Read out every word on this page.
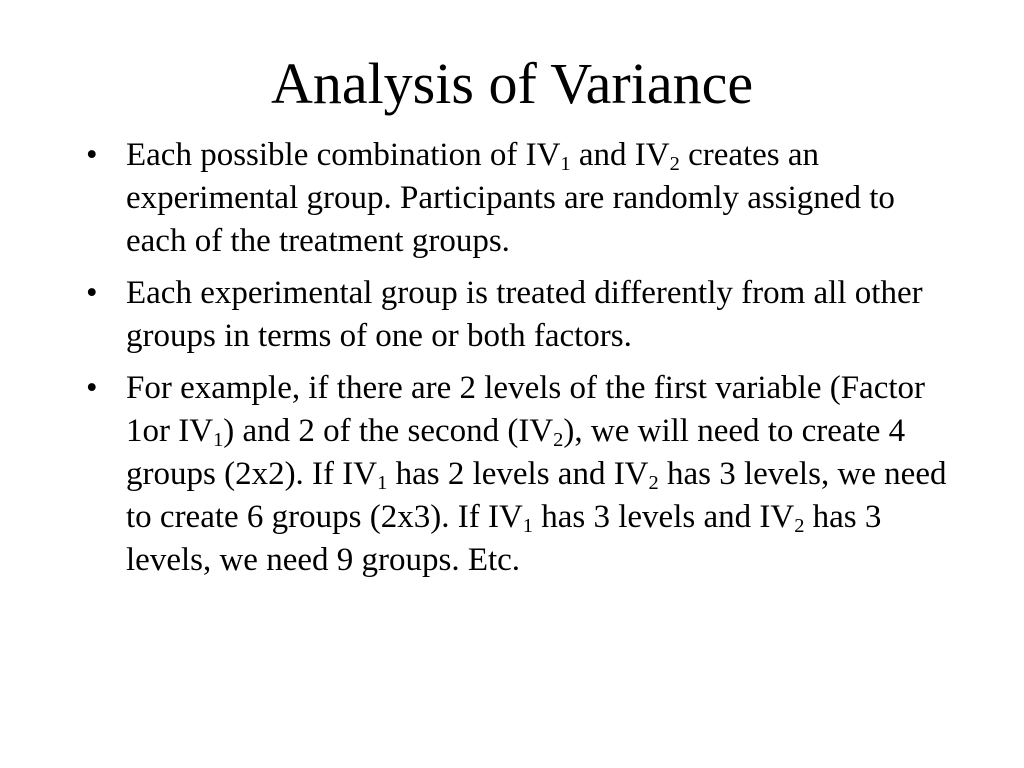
Analysis of Variance
• Each possible combination of $IV_1$ and $IV_2$ creates an experimental group. Participants are randomly assigned to each of the treatment groups.
• Each experimental group is treated differently from all other groups in terms of one or both factors.
• For example, if there are 2 levels of the first variable (Factor 1or $IV_1$) and 2 of the second $(IV_2)$, we will need to create 4 groups (2x2). If $IV_1$ has 2 levels and $IV_2$ has 3 levels, we need to create 6 groups (2x3). If $IV_1$ has 3 levels and $IV_2$ has 3 levels, we need 9 groups. Etc.
